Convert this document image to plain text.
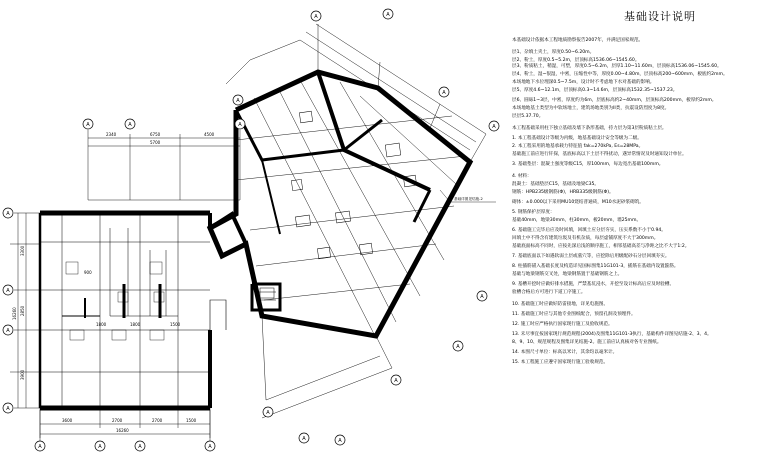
1800	1800	1500
900
3300
2850
3900
16260
3600	2700	2700	1500
16260
2340	6750	4500
5700
基础详图见结施-2
A
A
A
A
A	A	A	A
A	A	A
A	A
A
A
A
A
A	A
A
A
A
基础设计说明
本基础设计依据本工程地质勘察报告2007年，并满足国家规范。
层1、杂填土夹土，厚度0.50~6.20m。
层2、粉土，厚度0.5~5.2m，层顶标高1536.06~1545.60。
层3、粉质粘土，稍湿，可塑，厚度0.5~6.2m，层厚1.10~11.60m，层顶标高1536.06~1545.60。
层4、粉土，湿~很湿，中密，压缩性中等，厚度0.00~4.80m，层顶标高200~600mm，板底约2mm。
本场地地下水位埋深0.5~7.5m，设计时不考虑地下水对基础的影响。
层5、厚度4.6~12.1m，层顶标高0.3~14.6m，层顶标高1532.35~1537.23。
层6、圆砾1~3层，中密，厚度约为6m，层底标高约2~40mm，层顶标高200mm，板厚约2mm。
本场地地基土类型为中软场地土，建筑场地类别为II类，抗震设防烈度为8度。
层层5.37.70。
本工程基础采用柱下独立基础及墙下条形基础，持力层为第3层粉质粘土层。
1. 本工程基础设计等级为丙级，地基基础设计安全等级为二级。
2. 本工程采用的地基承载力特征值 fak=270kPa, Es=28MPa。
基础施工前应进行钎探，基底标高以下土层不得扰动，遇异常情况及时通知设计单位。
3. 基础垫层：混凝土强度等级C15，厚100mm，每边宽出基础100mm。
4. 材料：
混凝土：基础垫层C15，基础及地梁C35。
钢筋：HPB235级钢筋(Φ)，HRB335级钢筋(Φ)。
砌体：±0.000以下采用MU10烧结普通砖，M10水泥砂浆砌筑。
5. 钢筋保护层厚度：
基础40mm，地梁30mm，柱30mm，板20mm，墙25mm。
6. 基础施工完毕后应及时回填，回填土应分层夯实，压实系数不小于0.94。
回填土中不得含有建筑垃圾及有机杂质，每层虚铺厚度不大于300mm。
基础底面标高不同时，应按先深后浅的顺序施工，相邻基础高差与净距之比不大于1:2。
7. 基础底面以下如遇软弱土层或墓穴等，应挖除后用级配砂石分层回填夯实。
8. 柱插筋锚入基础长度及构造详见国标图集11G101-3，插筋在基础内设置箍筋。
基础与地梁钢筋交叉处，地梁钢筋置于基础钢筋之上。
9. 基槽开挖时应做好排水措施，严禁基坑浸水，开挖至设计标高后应及时验槽。
验槽合格后方可进行下道工序施工。
10. 基础施工时应做好防雷接地，详见电施图。
11. 基础施工时应与其他专业图纸配合，预留孔洞及预埋件。
12. 施工时应严格执行国家现行施工及验收规范。
13. 未尽事宜按国家现行规范规程(2004)及图集11G101-3执行，基础构件详图见结施-2、3、4。
8、9、10、规范规程及图集详见结施-2。施工前应认真核对各专业图纸。
14. 本图尺寸单位：标高以米计，其余均以毫米计。
15. 本工程施工应遵守国家现行施工验收规范。
